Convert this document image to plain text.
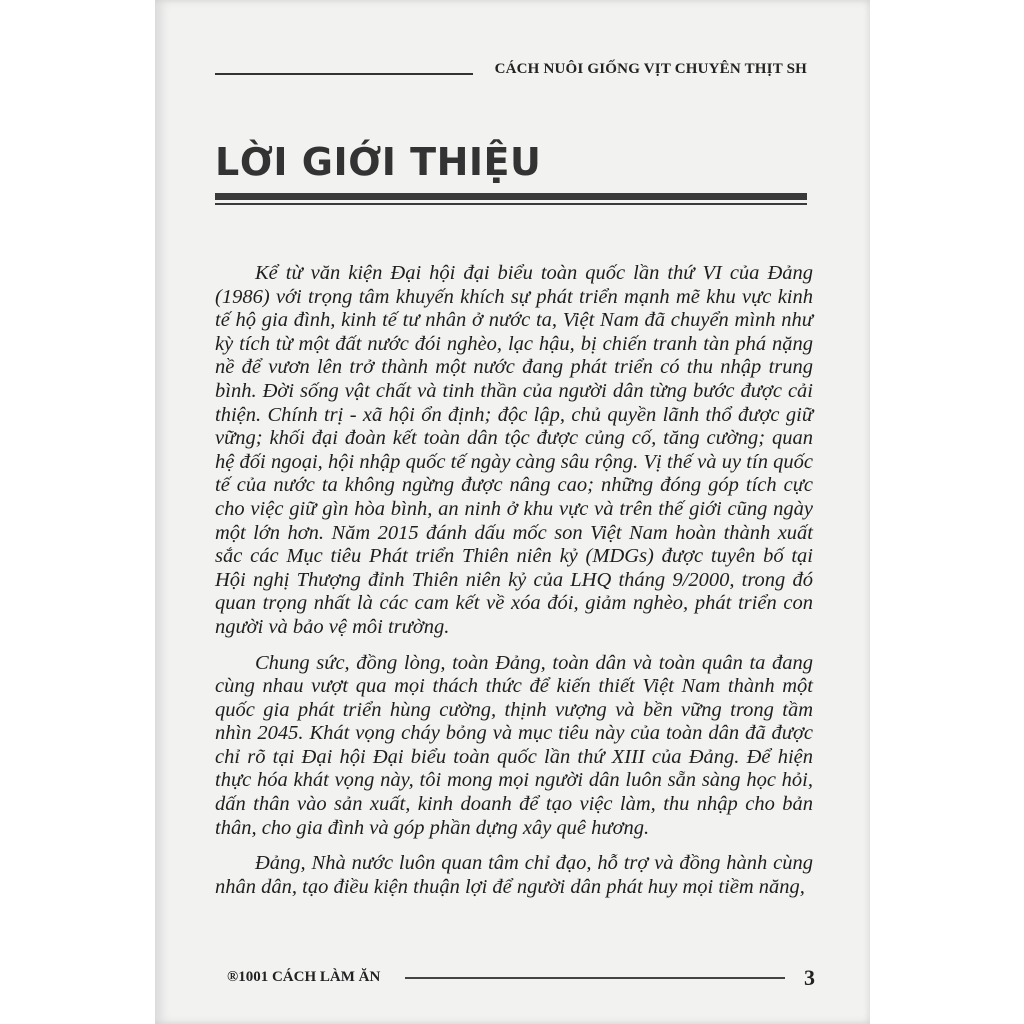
CÁCH NUÔI GIỐNG VỊT CHUYÊN THỊT SH
LỜI GIỚI THIỆU

Kể từ văn kiện Đại hội đại biểu toàn quốc lần thứ VI của Đảng (1986) với trọng tâm khuyến khích sự phát triển mạnh mẽ khu vực kinh tế hộ gia đình, kinh tế tư nhân ở nước ta, Việt Nam đã chuyển mình như kỳ tích từ một đất nước đói nghèo, lạc hậu, bị chiến tranh tàn phá nặng nề để vươn lên trở thành một nước đang phát triển có thu nhập trung bình. Đời sống vật chất và tinh thần của người dân từng bước được cải thiện. Chính trị - xã hội ổn định; độc lập, chủ quyền lãnh thổ được giữ vững; khối đại đoàn kết toàn dân tộc được củng cố, tăng cường; quan hệ đối ngoại, hội nhập quốc tế ngày càng sâu rộng. Vị thế và uy tín quốc tế của nước ta không ngừng được nâng cao; những đóng góp tích cực cho việc giữ gìn hòa bình, an ninh ở khu vực và trên thế giới cũng ngày một lớn hơn. Năm 2015 đánh dấu mốc son Việt Nam hoàn thành xuất sắc các Mục tiêu Phát triển Thiên niên kỷ (MDGs) được tuyên bố tại Hội nghị Thượng đỉnh Thiên niên kỷ của LHQ tháng 9/2000, trong đó quan trọng nhất là các cam kết về xóa đói, giảm nghèo, phát triển con người và bảo vệ môi trường.

Chung sức, đồng lòng, toàn Đảng, toàn dân và toàn quân ta đang cùng nhau vượt qua mọi thách thức để kiến thiết Việt Nam thành một quốc gia phát triển hùng cường, thịnh vượng và bền vững trong tầm nhìn 2045. Khát vọng cháy bỏng và mục tiêu này của toàn dân đã được chỉ rõ tại Đại hội Đại biểu toàn quốc lần thứ XIII của Đảng. Để hiện thực hóa khát vọng này, tôi mong mọi người dân luôn sẵn sàng học hỏi, dấn thân vào sản xuất, kinh doanh để tạo việc làm, thu nhập cho bản thân, cho gia đình và góp phần dựng xây quê hương.

Đảng, Nhà nước luôn quan tâm chỉ đạo, hỗ trợ và đồng hành cùng nhân dân, tạo điều kiện thuận lợi để người dân phát huy mọi tiềm năng,

®1001 CÁCH LÀM ĂN	3
